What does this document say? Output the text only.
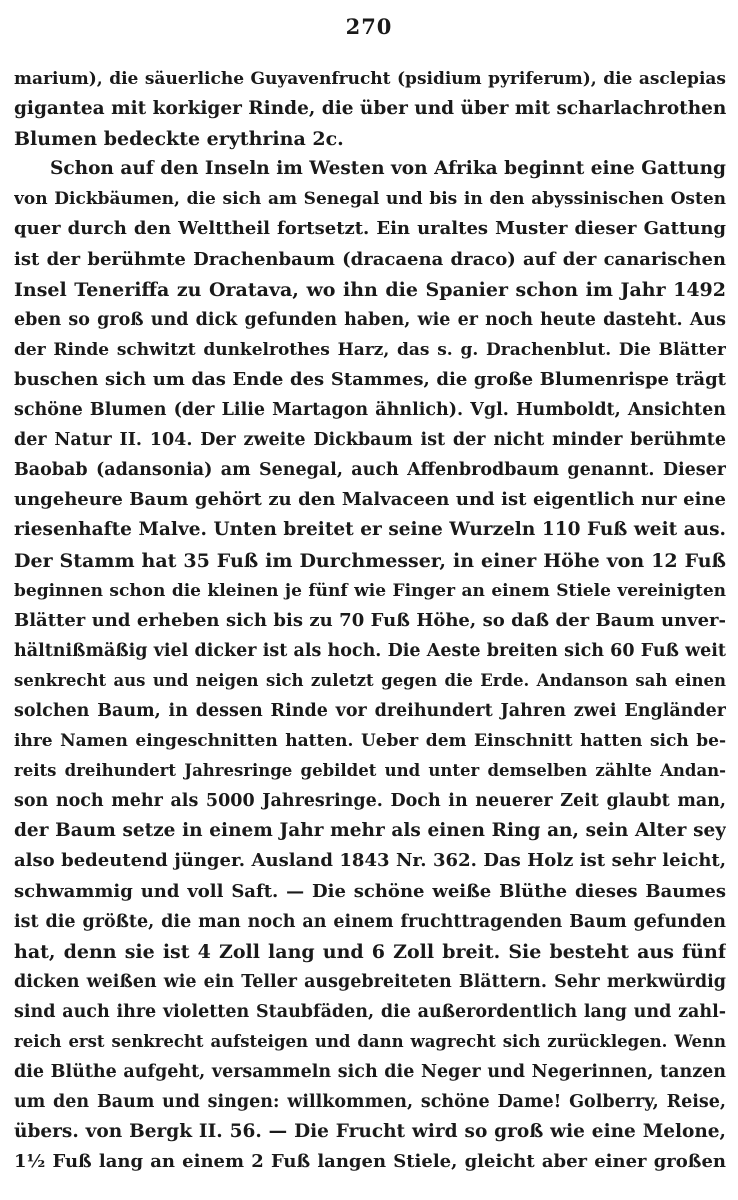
270
marium), die säuerliche Guyavenfrucht (psidium pyriferum), die asclepias
gigantea mit korkiger Rinde, die über und über mit scharlachrothen
Blumen bedeckte erythrina 2c.
Schon auf den Inseln im Westen von Afrika beginnt eine Gattung
von Dickbäumen, die sich am Senegal und bis in den abyssinischen Osten
quer durch den Welttheil fortsetzt. Ein uraltes Muster dieser Gattung
ist der berühmte Drachenbaum (dracaena draco) auf der canarischen
Insel Teneriffa zu Oratava, wo ihn die Spanier schon im Jahr 1492
eben so groß und dick gefunden haben, wie er noch heute dasteht. Aus
der Rinde schwitzt dunkelrothes Harz, das s. g. Drachenblut. Die Blätter
buschen sich um das Ende des Stammes, die große Blumenrispe trägt
schöne Blumen (der Lilie Martagon ähnlich). Vgl. Humboldt, Ansichten
der Natur II. 104. Der zweite Dickbaum ist der nicht minder berühmte
Baobab (adansonia) am Senegal, auch Affenbrodbaum genannt. Dieser
ungeheure Baum gehört zu den Malvaceen und ist eigentlich nur eine
riesenhafte Malve. Unten breitet er seine Wurzeln 110 Fuß weit aus.
Der Stamm hat 35 Fuß im Durchmesser, in einer Höhe von 12 Fuß
beginnen schon die kleinen je fünf wie Finger an einem Stiele vereinigten
Blätter und erheben sich bis zu 70 Fuß Höhe, so daß der Baum unver-
hältnißmäßig viel dicker ist als hoch. Die Aeste breiten sich 60 Fuß weit
senkrecht aus und neigen sich zuletzt gegen die Erde. Andanson sah einen
solchen Baum, in dessen Rinde vor dreihundert Jahren zwei Engländer
ihre Namen eingeschnitten hatten. Ueber dem Einschnitt hatten sich be-
reits dreihundert Jahresringe gebildet und unter demselben zählte Andan-
son noch mehr als 5000 Jahresringe. Doch in neuerer Zeit glaubt man,
der Baum setze in einem Jahr mehr als einen Ring an, sein Alter sey
also bedeutend jünger. Ausland 1843 Nr. 362. Das Holz ist sehr leicht,
schwammig und voll Saft. — Die schöne weiße Blüthe dieses Baumes
ist die größte, die man noch an einem fruchttragenden Baum gefunden
hat, denn sie ist 4 Zoll lang und 6 Zoll breit. Sie besteht aus fünf
dicken weißen wie ein Teller ausgebreiteten Blättern. Sehr merkwürdig
sind auch ihre violetten Staubfäden, die außerordentlich lang und zahl-
reich erst senkrecht aufsteigen und dann wagrecht sich zurücklegen. Wenn
die Blüthe aufgeht, versammeln sich die Neger und Negerinnen, tanzen
um den Baum und singen: willkommen, schöne Dame! Golberry, Reise,
übers. von Bergk II. 56. — Die Frucht wird so groß wie eine Melone,
1½ Fuß lang an einem 2 Fuß langen Stiele, gleicht aber einer großen
